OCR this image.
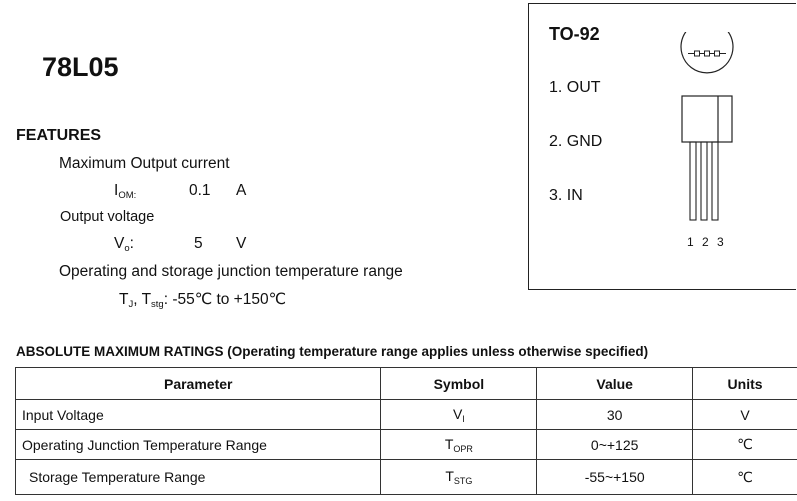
78L05
FEATURES
Maximum Output current
$I_{OM:}$	0.1 A
Output voltage
$V_o$:	5 V
Operating and storage junction temperature range
$T_J$, $T_{stg}$: -55℃ to +150℃
TO-92
1. OUT
2. GND
3. IN
1 2 3
ABSOLUTE MAXIMUM RATINGS (Operating temperature range applies unless otherwise specified)
Parameter	Symbol	Value	Units
Input Voltage	$V_I$	30	V
Operating Junction Temperature Range	$T_{OPR}$	0~+125	℃
Storage Temperature Range	$T_{STG}$	-55~+150	℃
